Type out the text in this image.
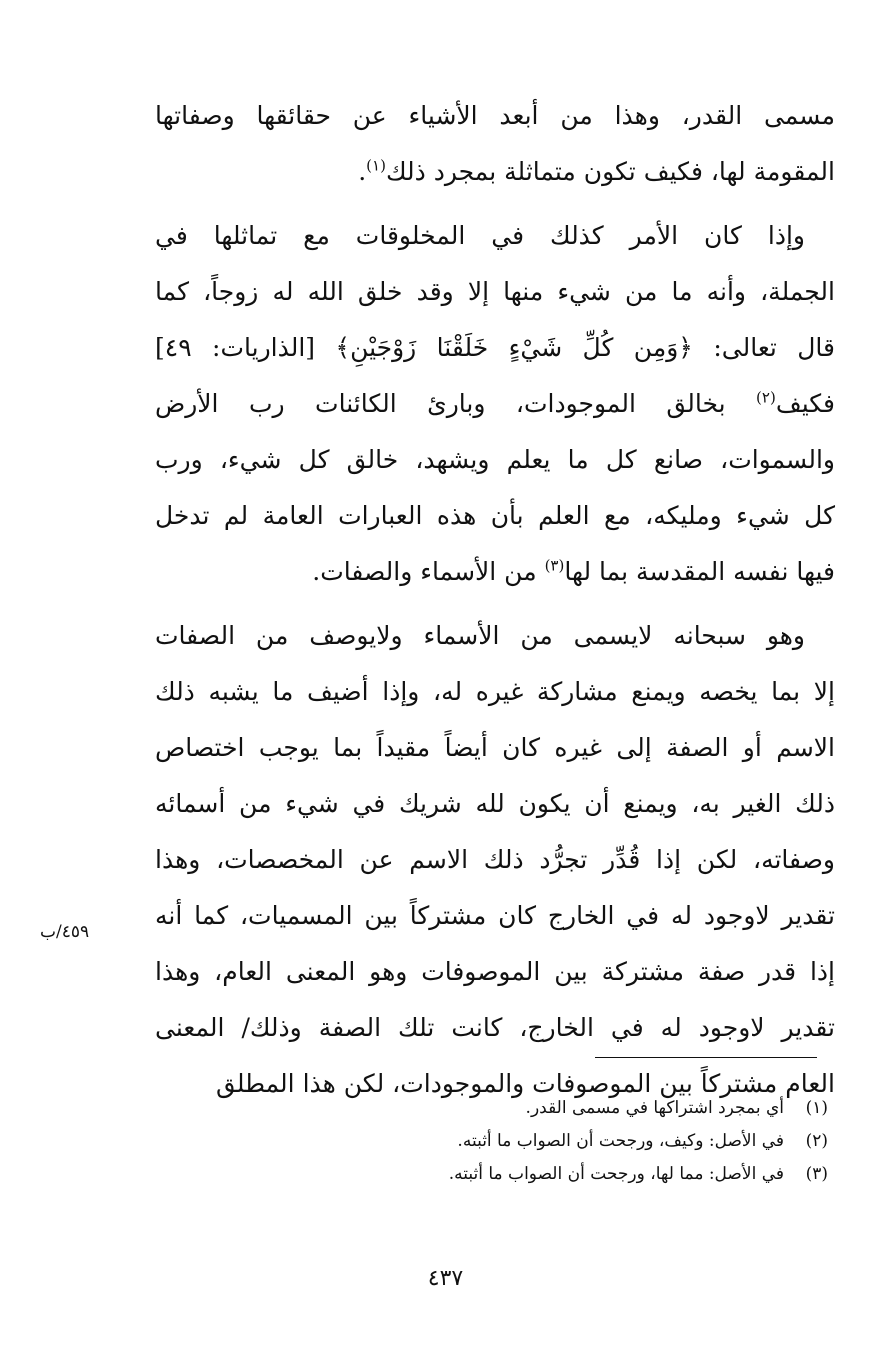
مسمى القدر، وهذا من أبعد الأشياء عن حقائقها وصفاتها
المقومة لها، فكيف تكون متماثلة بمجرد ذلك$^{(١)}$.
وإذا كان الأمر كذلك في المخلوقات مع تماثلها في
الجملة، وأنه ما من شيء منها إلا وقد خلق الله له زوجاً، كما
قال تعالى: ﴿وَمِن كُلِّ شَيْءٍ خَلَقْنَا زَوْجَيْنِ﴾ [الذاريات: ٤٩]
فكيف$^{(٢)}$ بخالق الموجودات، وبارئ الكائنات رب الأرض
والسموات، صانع كل ما يعلم ويشهد، خالق كل شيء، ورب
كل شيء ومليكه، مع العلم بأن هذه العبارات العامة لم تدخل
فيها نفسه المقدسة بما لها$^{(٣)}$ من الأسماء والصفات.
وهو سبحانه لايسمى من الأسماء ولايوصف من الصفات
إلا بما يخصه ويمنع مشاركة غيره له، وإذا أضيف ما يشبه ذلك
الاسم أو الصفة إلى غيره كان أيضاً مقيداً بما يوجب اختصاص
ذلك الغير به، ويمنع أن يكون لله شريك في شيء من أسمائه
وصفاته، لكن إذا قُدِّر تجرُّد ذلك الاسم عن المخصصات، وهذا
تقدير لاوجود له في الخارج كان مشتركاً بين المسميات، كما أنه
إذا قدر صفة مشتركة بين الموصوفات وهو المعنى العام، وهذا
تقدير لاوجود له في الخارج، كانت تلك الصفة وذلك/ المعنى
العام مشتركاً بين الموصوفات والموجودات، لكن هذا المطلق
٤٥٩/ب
(١)
أي بمجرد اشتراكها في مسمى القدر.
(٢)
في الأصل: وكيف، ورجحت أن الصواب ما أثبته.
(٣)
في الأصل: مما لها، ورجحت أن الصواب ما أثبته.
٤٣٧
